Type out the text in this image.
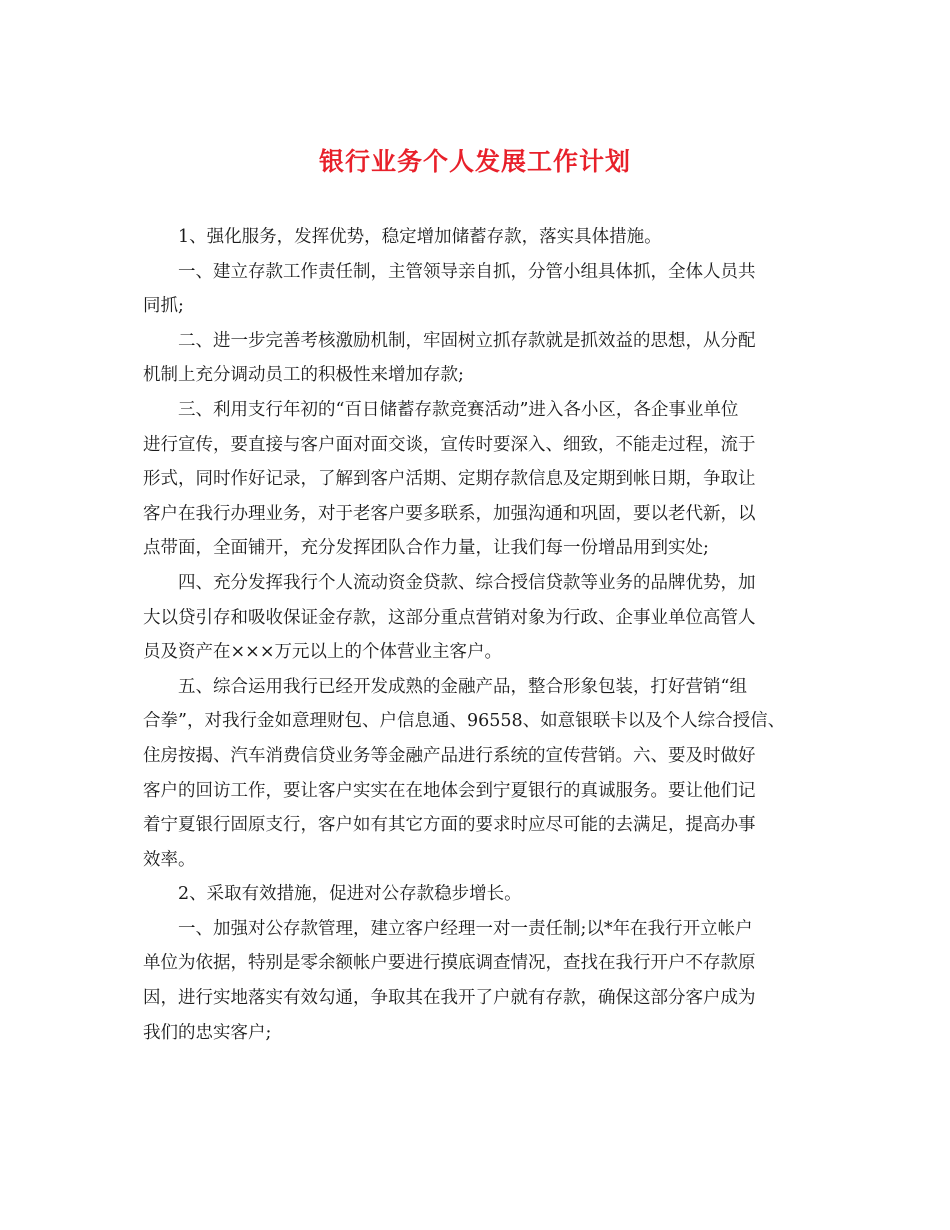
银行业务个人发展工作计划
1、强化服务，发挥优势，稳定增加储蓄存款，落实具体措施。
一、建立存款工作责任制，主管领导亲自抓，分管小组具体抓，全体人员共
同抓;
二、进一步完善考核激励机制，牢固树立抓存款就是抓效益的思想，从分配
机制上充分调动员工的积极性来增加存款;
三、利用支行年初的“百日储蓄存款竞赛活动”进入各小区，各企事业单位
进行宣传，要直接与客户面对面交谈，宣传时要深入、细致，不能走过程，流于
形式，同时作好记录，了解到客户活期、定期存款信息及定期到帐日期，争取让
客户在我行办理业务，对于老客户要多联系，加强沟通和巩固，要以老代新，以
点带面，全面铺开，充分发挥团队合作力量，让我们每一份增品用到实处;
四、充分发挥我行个人流动资金贷款、综合授信贷款等业务的品牌优势，加
大以贷引存和吸收保证金存款，这部分重点营销对象为行政、企事业单位高管人
员及资产在×××万元以上的个体营业主客户。
五、综合运用我行已经开发成熟的金融产品，整合形象包装，打好营销“组
合拳”，对我行金如意理财包、户信息通、96558、如意银联卡以及个人综合授信、
住房按揭、汽车消费信贷业务等金融产品进行系统的宣传营销。六、要及时做好
客户的回访工作，要让客户实实在在地体会到宁夏银行的真诚服务。要让他们记
着宁夏银行固原支行，客户如有其它方面的要求时应尽可能的去满足，提高办事
效率。
2、采取有效措施，促进对公存款稳步增长。
一、加强对公存款管理，建立客户经理一对一责任制;以*年在我行开立帐户
单位为依据，特别是零余额帐户要进行摸底调查情况，查找在我行开户不存款原
因，进行实地落实有效勾通，争取其在我开了户就有存款，确保这部分客户成为
我们的忠实客户;
